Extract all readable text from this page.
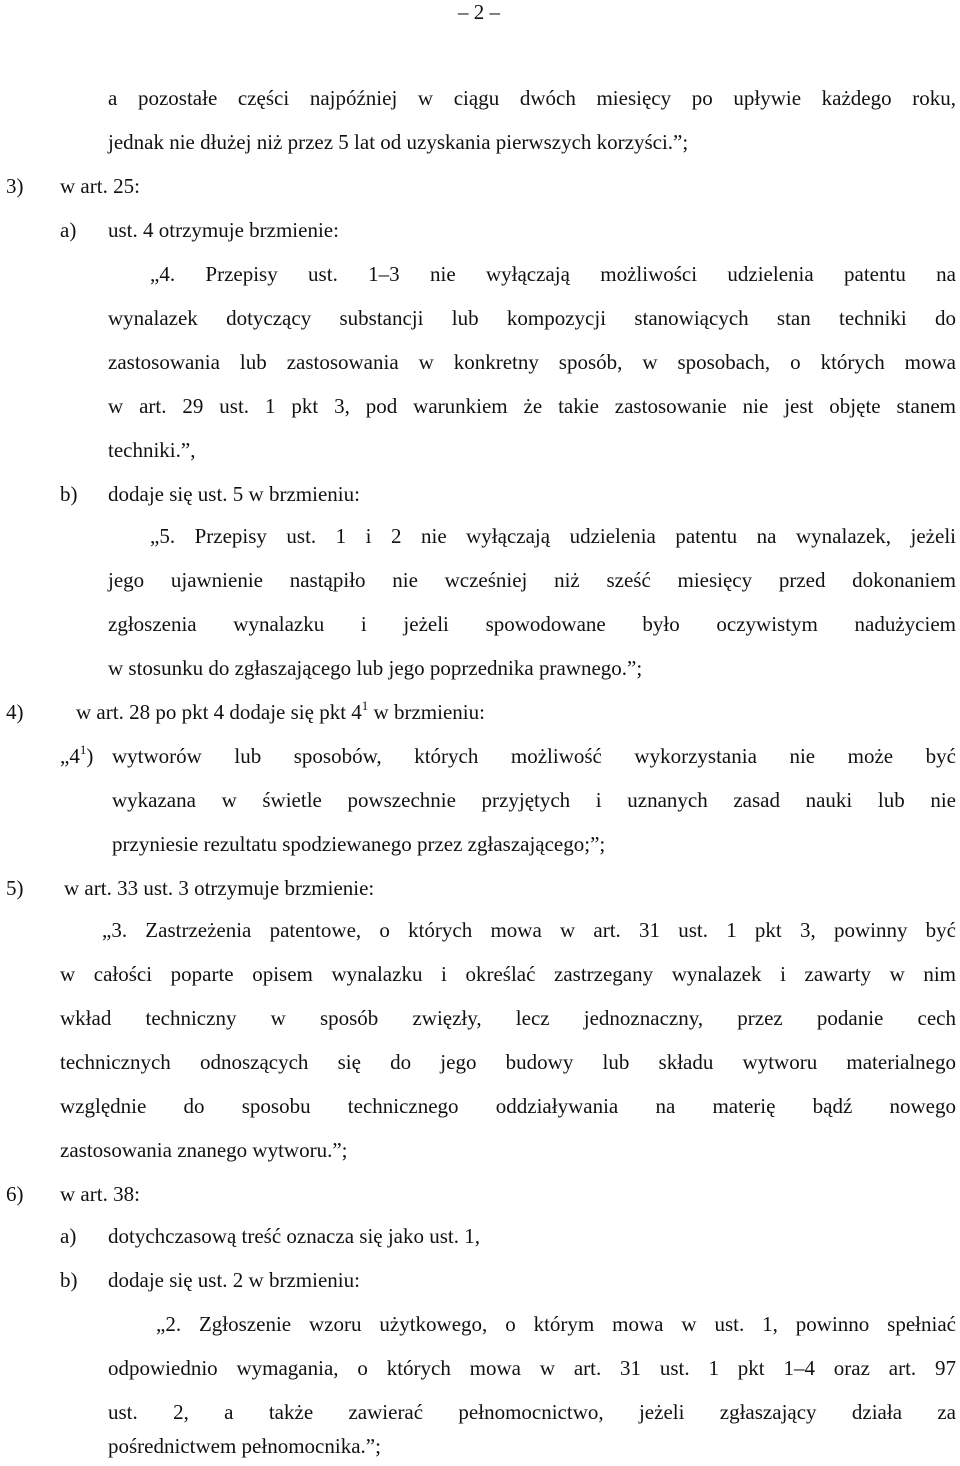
– 2 –
a pozostałe części najpóźniej w ciągu dwóch miesięcy po upływie każdego roku,
jednak nie dłużej niż przez 5 lat od uzyskania pierwszych korzyści.”;
3) w art. 25:
a) ust. 4 otrzymuje brzmienie:
„4. Przepisy ust. 1–3 nie wyłączają możliwości udzielenia patentu na
wynalazek dotyczący substancji lub kompozycji stanowiących stan techniki do
zastosowania lub zastosowania w konkretny sposób, w sposobach, o których mowa
w art. 29 ust. 1 pkt 3, pod warunkiem że takie zastosowanie nie jest objęte stanem
techniki.”,
b) dodaje się ust. 5 w brzmieniu:
„5. Przepisy ust. 1 i 2 nie wyłączają udzielenia patentu na wynalazek, jeżeli
jego ujawnienie nastąpiło nie wcześniej niż sześć miesięcy przed dokonaniem
zgłoszenia wynalazku i jeżeli spowodowane było oczywistym nadużyciem
w stosunku do zgłaszającego lub jego poprzednika prawnego.”;
4)	w art. 28 po pkt 4 dodaje się pkt $4^1$ w brzmieniu:
$„4^1$) wytworów lub sposobów, których możliwość wykorzystania nie może być
wykazana w świetle powszechnie przyjętych i uznanych zasad nauki lub nie
przyniesie rezultatu spodziewanego przez zgłaszającego;”;
5) w art. 33 ust. 3 otrzymuje brzmienie:
„3. Zastrzeżenia patentowe, o których mowa w art. 31 ust. 1 pkt 3, powinny być
w całości poparte opisem wynalazku i określać zastrzegany wynalazek i zawarty w nim
wkład techniczny w sposób zwięzły, lecz jednoznaczny, przez podanie cech
technicznych odnoszących się do jego budowy lub składu wytworu materialnego
względnie do sposobu technicznego oddziaływania na materię bądź nowego
zastosowania znanego wytworu.”;
6) w art. 38:
a) dotychczasową treść oznacza się jako ust. 1,
b) dodaje się ust. 2 w brzmieniu:
„2. Zgłoszenie wzoru użytkowego, o którym mowa w ust. 1, powinno spełniać
odpowiednio wymagania, o których mowa w art. 31 ust. 1 pkt 1–4 oraz art. 97
ust. 2, a także zawierać pełnomocnictwo, jeżeli zgłaszający działa za
pośrednictwem pełnomocnika.”;
